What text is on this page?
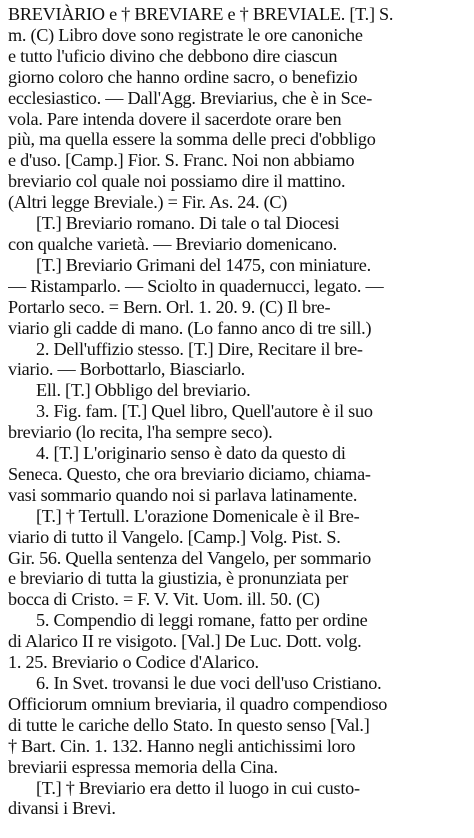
BREVIÀRIO e † BREVIARE e † BREVIALE. [T.] S.
m. (C) Libro dove sono registrate le ore canoniche
e tutto l'uficio divino che debbono dire ciascun
giorno coloro che hanno ordine sacro, o benefizio
ecclesiastico. — Dall'Agg. Breviarius, che è in Sce-
vola. Pare intenda dovere il sacerdote orare ben
più, ma quella essere la somma delle preci d'obbligo
e d'uso. [Camp.] Fior. S. Franc. Noi non abbiamo
breviario col quale noi possiamo dire il mattino.
(Altri legge Breviale.) = Fir. As. 24. (C)
[T.] Breviario romano. Di tale o tal Diocesi
con qualche varietà. — Breviario domenicano.
[T.] Breviario Grimani del 1475, con miniature.
— Ristamparlo. — Sciolto in quadernucci, legato. —
Portarlo seco. = Bern. Orl. 1. 20. 9. (C) Il bre-
viario gli cadde di mano. (Lo fanno anco di tre sill.)
2. Dell'uffizio stesso. [T.] Dire, Recitare il bre-
viario. — Borbottarlo, Biasciarlo.
Ell. [T.] Obbligo del breviario.
3. Fig. fam. [T.] Quel libro, Quell'autore è il suo
breviario (lo recita, l'ha sempre seco).
4. [T.] L'originario senso è dato da questo di
Seneca. Questo, che ora breviario diciamo, chiama-
vasi sommario quando noi si parlava latinamente.
[T.] † Tertull. L'orazione Domenicale è il Bre-
viario di tutto il Vangelo. [Camp.] Volg. Pist. S.
Gir. 56. Quella sentenza del Vangelo, per sommario
e breviario di tutta la giustizia, è pronunziata per
bocca di Cristo. = F. V. Vit. Uom. ill. 50. (C)
5. Compendio di leggi romane, fatto per ordine
di Alarico II re visigoto. [Val.] De Luc. Dott. volg.
1. 25. Breviario o Codice d'Alarico.
6. In Svet. trovansi le due voci dell'uso Cristiano.
Officiorum omnium breviaria, il quadro compendioso
di tutte le cariche dello Stato. In questo senso [Val.]
† Bart. Cin. 1. 132. Hanno negli antichissimi loro
breviarii espressa memoria della Cina.
[T.] † Breviario era detto il luogo in cui custo-
divansi i Brevi.
